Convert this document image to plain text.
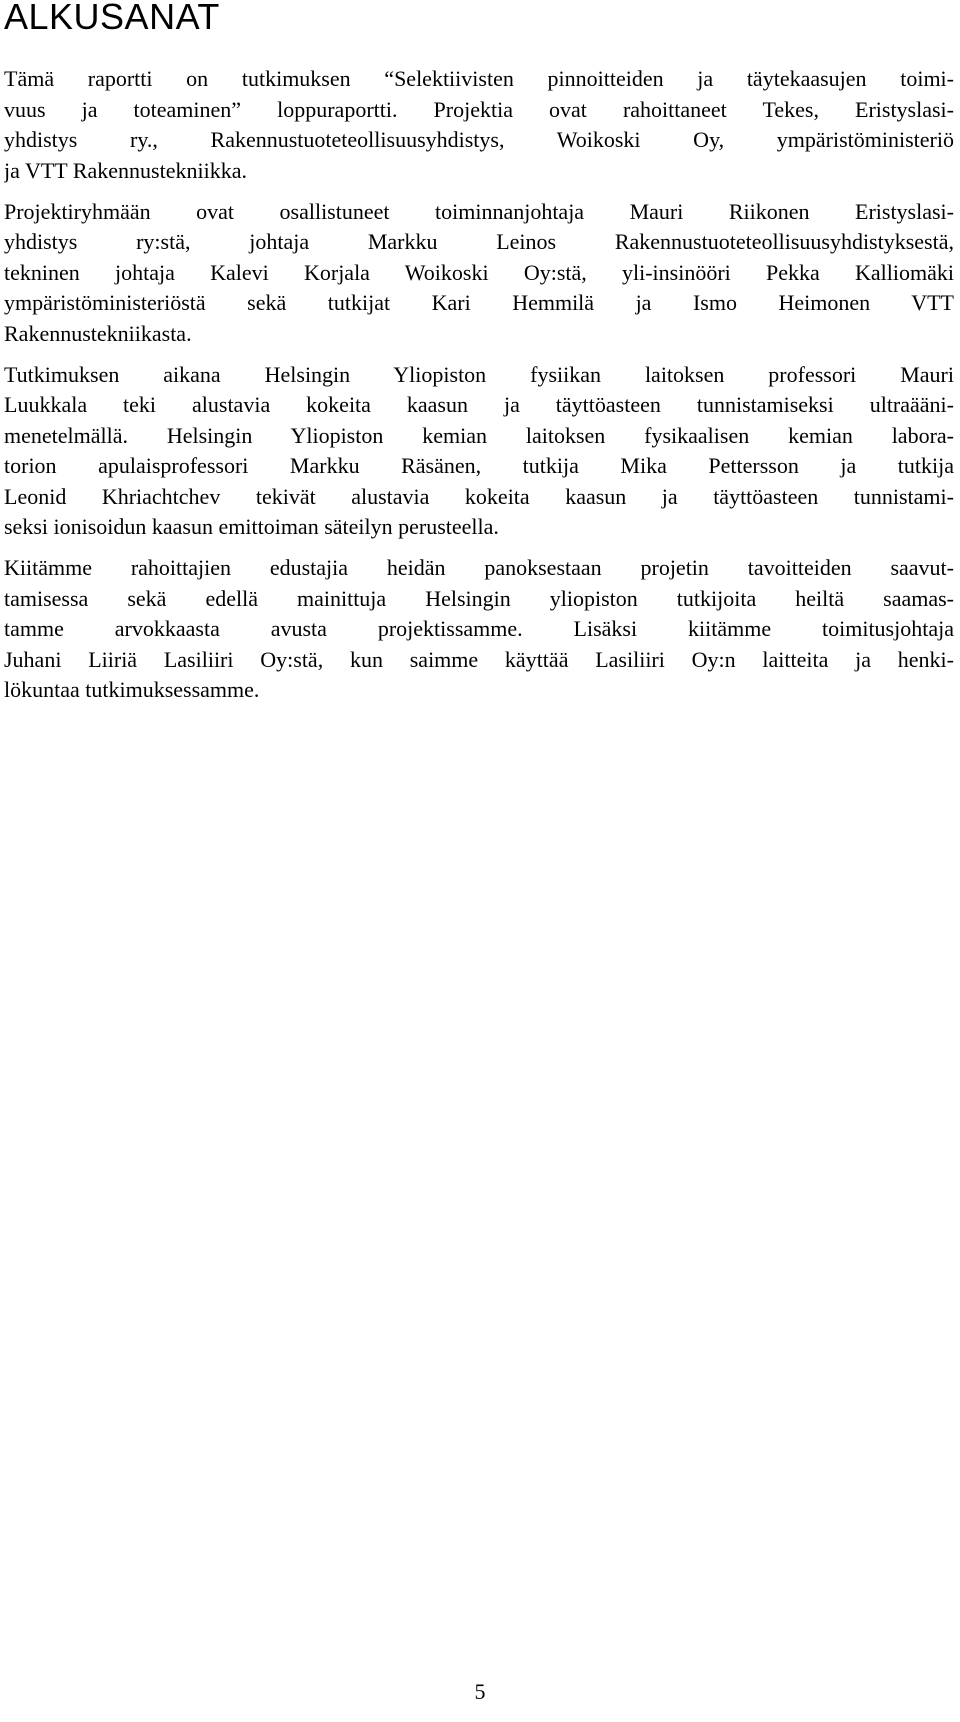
ALKUSANAT

Tämä raportti on tutkimuksen “Selektiivisten pinnoitteiden ja täytekaasujen toimi-
vuus ja toteaminen” loppuraportti. Projektia ovat rahoittaneet Tekes, Eristyslasi-
yhdistys ry., Rakennustuoteteollisuusyhdistys, Woikoski Oy, ympäristöministeriö
ja VTT Rakennustekniikka.

Projektiryhmään ovat osallistuneet toiminnanjohtaja Mauri Riikonen Eristyslasi-
yhdistys ry:stä, johtaja Markku Leinos Rakennustuoteteollisuusyhdistyksestä,
tekninen johtaja Kalevi Korjala Woikoski Oy:stä, yli-insinööri Pekka Kalliomäki
ympäristöministeriöstä sekä tutkijat Kari Hemmilä ja Ismo Heimonen VTT
Rakennustekniikasta.

Tutkimuksen aikana Helsingin Yliopiston fysiikan laitoksen professori Mauri
Luukkala teki alustavia kokeita kaasun ja täyttöasteen tunnistamiseksi ultraääni-
menetelmällä. Helsingin Yliopiston kemian laitoksen fysikaalisen kemian labora-
torion apulaisprofessori Markku Räsänen, tutkija Mika Pettersson ja tutkija
Leonid Khriachtchev tekivät alustavia kokeita kaasun ja täyttöasteen tunnistami-
seksi ionisoidun kaasun emittoiman säteilyn perusteella.

Kiitämme rahoittajien edustajia heidän panoksestaan projetin tavoitteiden saavut-
tamisessa sekä edellä mainittuja Helsingin yliopiston tutkijoita heiltä saamas-
tamme arvokkaasta avusta projektissamme. Lisäksi kiitämme toimitusjohtaja
Juhani Liiriä Lasiliiri Oy:stä, kun saimme käyttää Lasiliiri Oy:n laitteita ja henki-
lökuntaa tutkimuksessamme.

5
